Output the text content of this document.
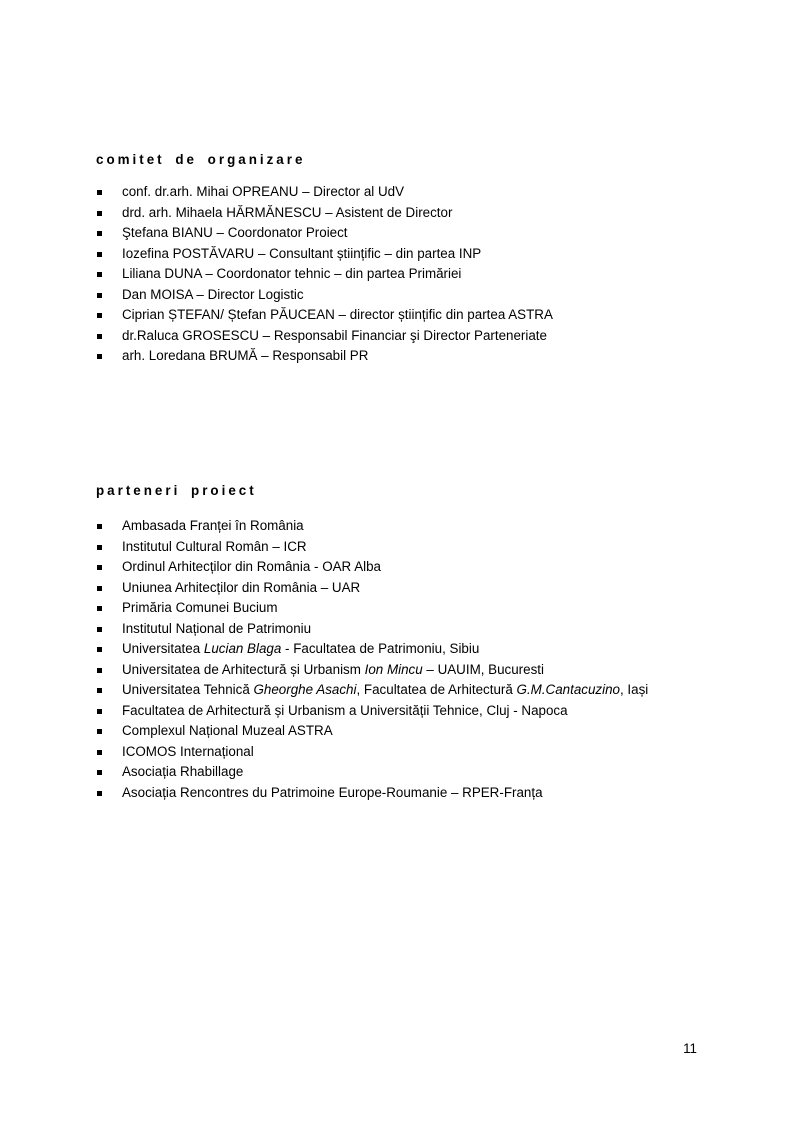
comitet de organizare
conf. dr.arh. Mihai OPREANU – Director al UdV
drd. arh. Mihaela HĂRMĂNESCU – Asistent de Director
Ştefana BIANU – Coordonator Proiect
Iozefina POSTĂVARU – Consultant științific – din partea INP
Liliana DUNA – Coordonator tehnic – din partea Primăriei
Dan MOISA – Director Logistic
Ciprian ȘTEFAN/ Ștefan PĂUCEAN – director științific din partea ASTRA
dr.Raluca GROSESCU – Responsabil Financiar şi Director Parteneriate
arh. Loredana BRUMĂ – Responsabil PR
parteneri proiect
Ambasada Franței în România
Institutul Cultural Român – ICR
Ordinul Arhitecților din România - OAR Alba
Uniunea Arhitecților din România – UAR
Primăria Comunei Bucium
Institutul Național de Patrimoniu
Universitatea Lucian Blaga - Facultatea de Patrimoniu, Sibiu
Universitatea de Arhitectură și Urbanism Ion Mincu – UAUIM, Bucuresti
Universitatea Tehnică Gheorghe Asachi, Facultatea de Arhitectură G.M.Cantacuzino, Iași
Facultatea de Arhitectură și Urbanism a Universității Tehnice, Cluj - Napoca
Complexul Național Muzeal ASTRA
ICOMOS Internațional
Asociația Rhabillage
Asociația Rencontres du Patrimoine Europe-Roumanie – RPER-Franța
11
